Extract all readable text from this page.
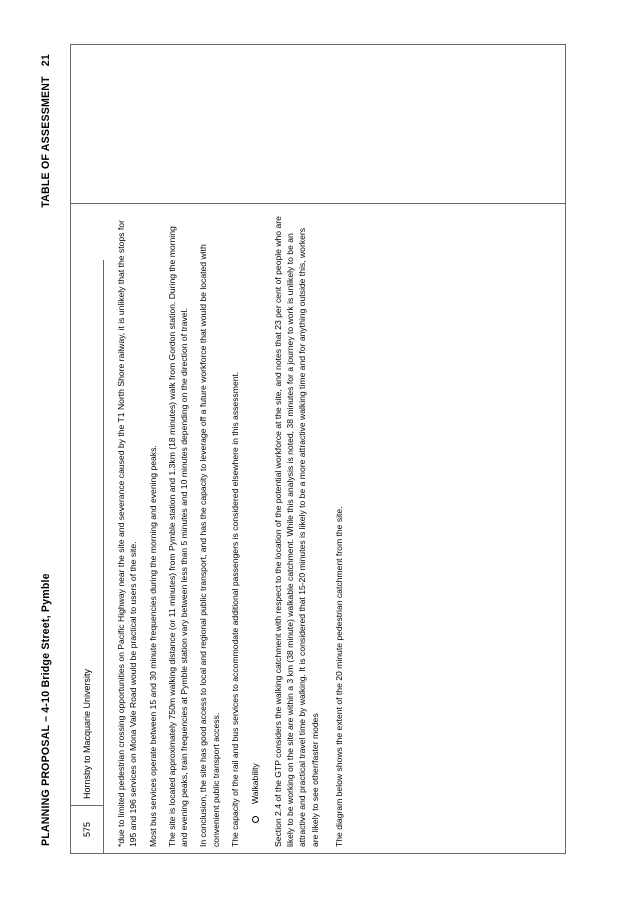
PLANNING PROPOSAL – 4-10 Bridge Street, Pymble
TABLE OF ASSESSMENT21
575
Hornsby to Macquarie University	*due to limited pedestrian crossing opportunities on Pacific Highway near the site and severance caused by the T1 North Shore railway, it is unlikely that the stops for 195 and 196 services on Mona Vale Road would be practical to users of the site. Most bus services operate between 15 and 30 minute frequencies during the morning and evening peaks. The site is located approximately 750m walking distance (or 11 minutes) from Pymble station and 1.3km (18 minutes) walk from Gordon station. During the morning and evening peaks, train frequencies at Pymble station vary between less than 5 minutes and 10 minutes depending on the direction of travel. In conclusion, the site has good access to local and regional public transport, and has the capacity to leverage off a future workforce that would be located with convenient public transport access. The capacity of the rail and bus services to accommodate additional passengers is considered elsewhere in this assessment. Walkability Section 2.4 of the GTP considers the walking catchment with respect to the location of the potential workforce at the site, and notes that 23 per cent of people who are likely to be working on the site are within a 3 km (38 minute) walkable catchment. While this analysis is noted, 38 minutes for a journey to work is unlikely to be an attractive and practical travel time by walking. It is considered that 15-20 minutes is likely to be a more attractive walking time and for anything outside this, workers are likely to see other/faster modes The diagram below shows the extent of the 20 minute pedestrian catchment from the site.
